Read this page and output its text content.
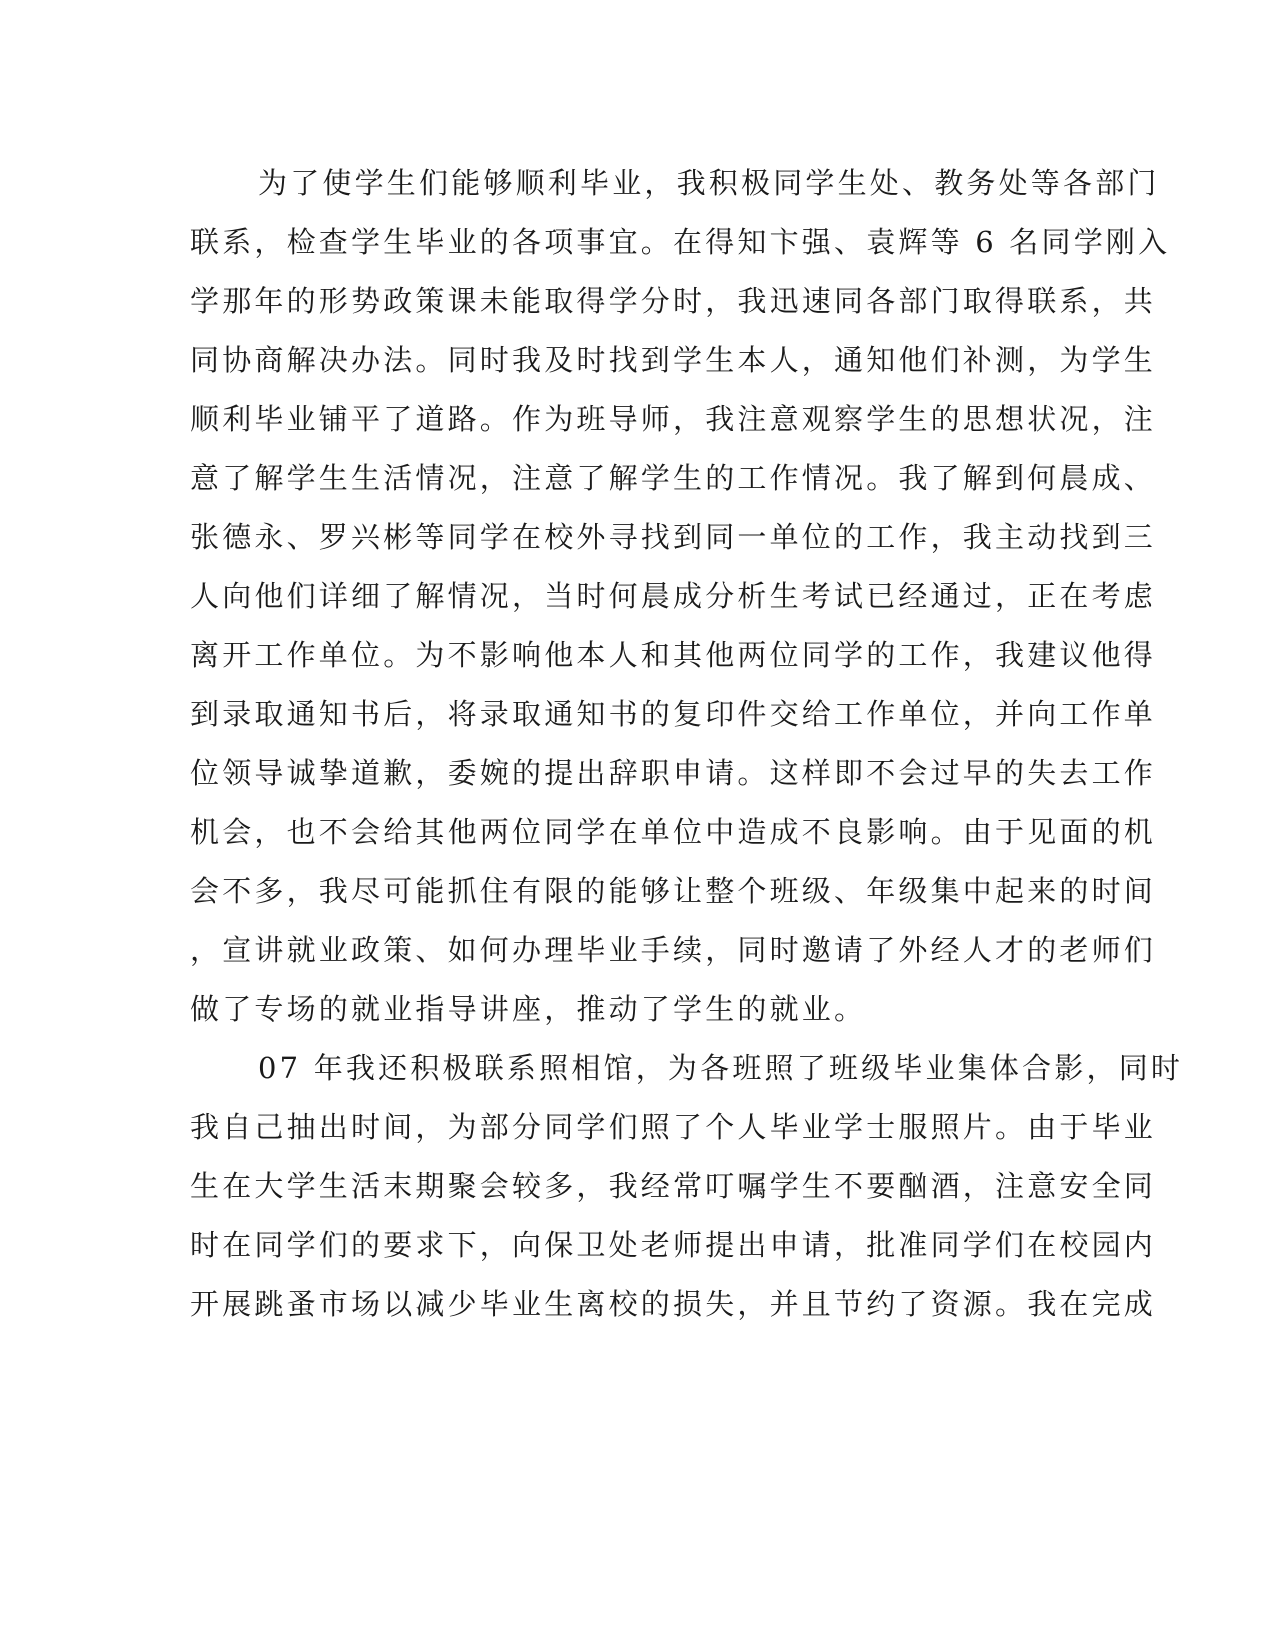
为了使学生们能够顺利毕业，我积极同学生处、教务处等各部门
联系，检查学生毕业的各项事宜。在得知卞强、袁辉等 6 名同学刚入
学那年的形势政策课未能取得学分时，我迅速同各部门取得联系，共
同协商解决办法。同时我及时找到学生本人，通知他们补测，为学生
顺利毕业铺平了道路。作为班导师，我注意观察学生的思想状况，注
意了解学生生活情况，注意了解学生的工作情况。我了解到何晨成、
张德永、罗兴彬等同学在校外寻找到同一单位的工作，我主动找到三
人向他们详细了解情况，当时何晨成分析生考试已经通过，正在考虑
离开工作单位。为不影响他本人和其他两位同学的工作，我建议他得
到录取通知书后，将录取通知书的复印件交给工作单位，并向工作单
位领导诚挚道歉，委婉的提出辞职申请。这样即不会过早的失去工作
机会，也不会给其他两位同学在单位中造成不良影响。由于见面的机
会不多，我尽可能抓住有限的能够让整个班级、年级集中起来的时间
，宣讲就业政策、如何办理毕业手续，同时邀请了外经人才的老师们
做了专场的就业指导讲座，推动了学生的就业。
07 年我还积极联系照相馆，为各班照了班级毕业集体合影，同时
我自己抽出时间，为部分同学们照了个人毕业学士服照片。由于毕业
生在大学生活末期聚会较多，我经常叮嘱学生不要酗酒，注意安全同
时在同学们的要求下，向保卫处老师提出申请，批准同学们在校园内
开展跳蚤市场以减少毕业生离校的损失，并且节约了资源。我在完成
